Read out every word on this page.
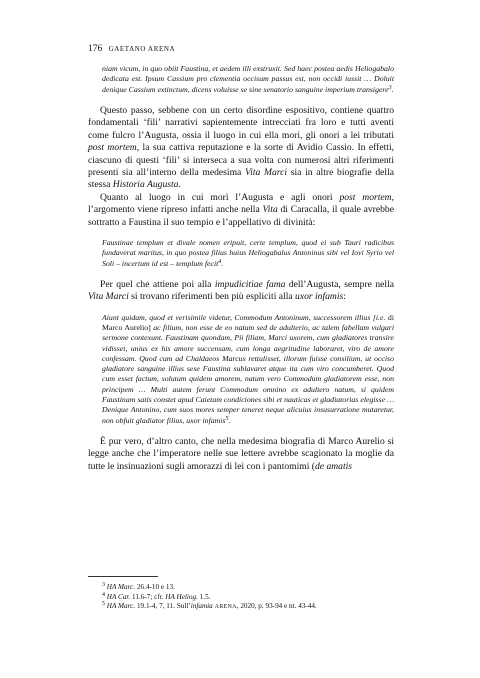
176 GAETANO ARENA

niam vicum, in quo obiit Faustina, et aedem illi exstruxit. Sed haec postea aedis Heliogabalo dedicata est. Ipsum Cassium pro clementia occisum passus est, non occidi iussit … Doluit denique Cassium extinctum, dicens voluisse se sine senatorio sanguine imperium transigere$^3$.

Questo passo, sebbene con un certo disordine espositivo, contiene quattro fondamentali ‘fili’ narrativi sapientemente intrecciati fra loro e tutti aventi come fulcro l’Augusta, ossia il luogo in cui ella morì, gli onori a lei tributati post mortem, la sua cattiva reputazione e la sorte di Avidio Cassio. In effetti, ciascuno di questi ‘fili’ si interseca a sua volta con numerosi altri riferimenti presenti sia all’interno della medesima Vita Marci sia in altre biografie della stessa Historia Augusta.

Quanto al luogo in cui morì l’Augusta e agli onori post mortem, l’argomento viene ripreso infatti anche nella Vita di Caracalla, il quale avrebbe sottratto a Faustina il suo tempio e l’appellativo di divinità:

Faustinae templum et divale nomen eripuit, certe templum, quod ei sub Tauri radicibus fundaverat maritus, in quo postea filius huius Heliogabalus Antoninus sibi vel Iovi Syrio vel Soli – incertum id est – templum fecit$^4$.

Per quel che attiene poi alla impudicitiae fama dell’Augusta, sempre nella Vita Marci si trovano riferimenti ben più espliciti alla uxor infamis:

Aiunt quidam, quod et verisimile videtur, Commodum Antoninum, successorem illius [i.e. di Marco Aurelio] ac filium, non esse de eo natum sed de adulterio, ac talem fabellam vulgari sermone contexunt. Faustinam quondam, Pii filiam, Marci uxorem, cum gladiatores transire vidisset, unius ex his amore succensam, cum longa aegritudine laboraret, viro de amore confessam. Quod cum ad Chaldaeos Marcus rettulisset, illorum fuisse consilium, ut occiso gladiatore sanguine illius sese Faustina sublavaret atque ita cum viro concumberet. Quod cum esset factum, solutum quidem amorem, natum vero Commodum gladiatorem esse, non principem … Multi autem ferunt Commodum omnino ex adultero natum, si quidem Faustinam satis constet apud Caietam condiciones sibi et nauticas et gladiatorias elegisse … Denique Antonino, cum suos mores semper teneret neque alicuius insusurratione mutaretur, non obfuit gladiator filius, uxor infamis$^5$.

È pur vero, d’altro canto, che nella medesima biografia di Marco Aurelio si legge anche che l’imperatore nelle sue lettere avrebbe scagionato la moglie da tutte le insinuazioni sugli amorazzi di lei con i pantomimi (de amatis

$^3$ HA Marc. 26.4-10 e 13.
$^4$ HA Car. 11.6-7; cfr. HA Heliog. 1.5.
$^5$ HA Marc. 19.1-4, 7, 11. Sull’infamia ARENA, 2020, p. 93-94 e nt. 43-44.
